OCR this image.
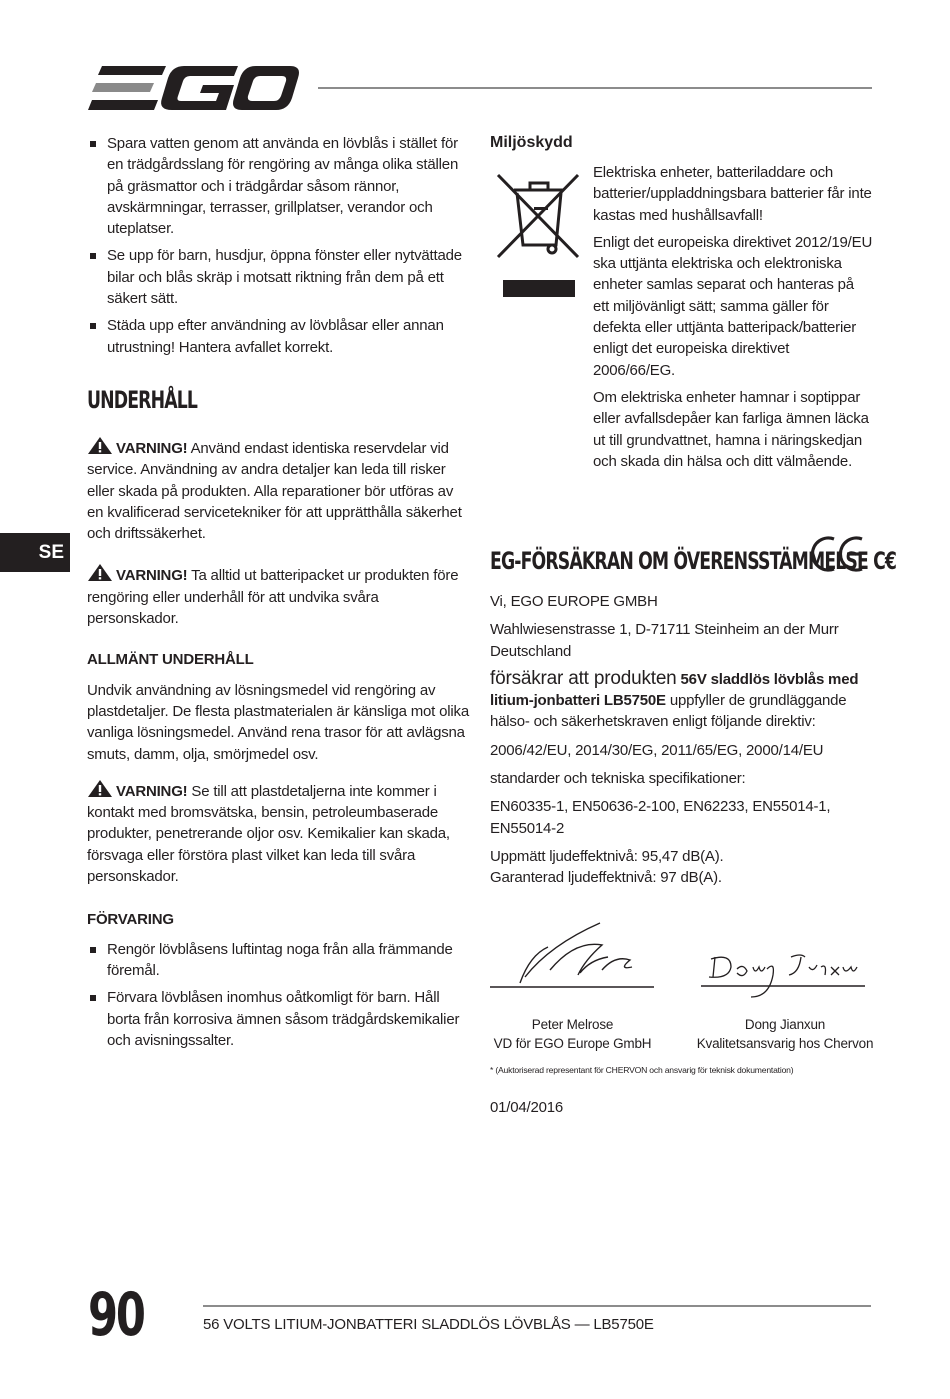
SE
Spara vatten genom att använda en lövblås i stället för en trädgårdsslang för rengöring av många olika ställen på gräsmattor och i trädgårdar såsom rännor, avskärmningar, terrasser, grillplatser, verandor och uteplatser.
Se upp för barn, husdjur, öppna fönster eller nytvättade bilar och blås skräp i motsatt riktning från dem på ett säkert sätt.
Städa upp efter användning av lövblåsar eller annan utrustning! Hantera avfallet korrekt.
UNDERHÅLL

VARNING! Använd endast identiska reservdelar vid service. Användning av andra detaljer kan leda till risker eller skada på produkten. Alla reparationer bör utföras av en kvalificerad servicetekniker för att upprätthålla säkerhet och driftssäkerhet.

VARNING! Ta alltid ut batteripacket ur produkten före rengöring eller underhåll för att undvika svåra personskador.

ALLMÄNT UNDERHÅLL

Undvik användning av lösningsmedel vid rengöring av plastdetaljer. De flesta plastmaterialen är känsliga mot olika vanliga lösningsmedel. Använd rena trasor för att avlägsna smuts, damm, olja, smörjmedel osv.

VARNING! Se till att plastdetaljerna inte kommer i kontakt med bromsvätska, bensin, petroleumbaserade produkter, penetrerande oljor osv. Kemikalier kan skada, försvaga eller förstöra plast vilket kan leda till svåra personskador.

FÖRVARING
Rengör lövblåsens luftintag noga från alla främmande föremål.
Förvara lövblåsen inomhus oåtkomligt för barn. Håll borta från korrosiva ämnen såsom trädgårdskemikalier och avisningssalter.
Miljöskydd

Elektriska enheter, batteriladdare och batterier/uppladdningsbara batterier får inte kastas med hushållsavfall!

Enligt det europeiska direktivet 2012/19/EU ska uttjänta elektriska och elektroniska enheter samlas separat och hanteras på ett miljövänligt sätt; samma gäller för defekta eller uttjänta batteripack/batterier enligt det europeiska direktivet 2006/66/EG.

Om elektriska enheter hamnar i soptippar eller avfallsdepåer kan farliga ämnen läcka ut till grundvattnet, hamna i näringskedjan och skada din hälsa och ditt välmående.

EG-FÖRSÄKRAN OM ÖVERENSSTÄMMELSE C€

Vi, EGO EUROPE GMBH

Wahlwiesenstrasse 1, D-71711 Steinheim an der Murr Deutschland

försäkrar att produkten 56V sladdlös lövblås med litium-jonbatteri LB5750E uppfyller de grundläggande hälso- och säkerhetskraven enligt följande direktiv:

2006/42/EU, 2014/30/EG, 2011/65/EG, 2000/14/EU

standarder och tekniska specifikationer:

EN60335-1, EN50636-2-100, EN62233, EN55014-1, EN55014-2

Uppmätt ljudeffektnivå: 95,47 dB(A).

Garanterad ljudeffektnivå: 97 dB(A).

Peter Melrose
VD för EGO Europe GmbH
Dong Jianxun
Kvalitetsansvarig hos Chervon
* (Auktoriserad representant för CHERVON och ansvarig för teknisk dokumentation)
01/04/2016
90	56 VOLTS LITIUM-JONBATTERI SLADDLÖS LÖVBLÅS — LB5750E
